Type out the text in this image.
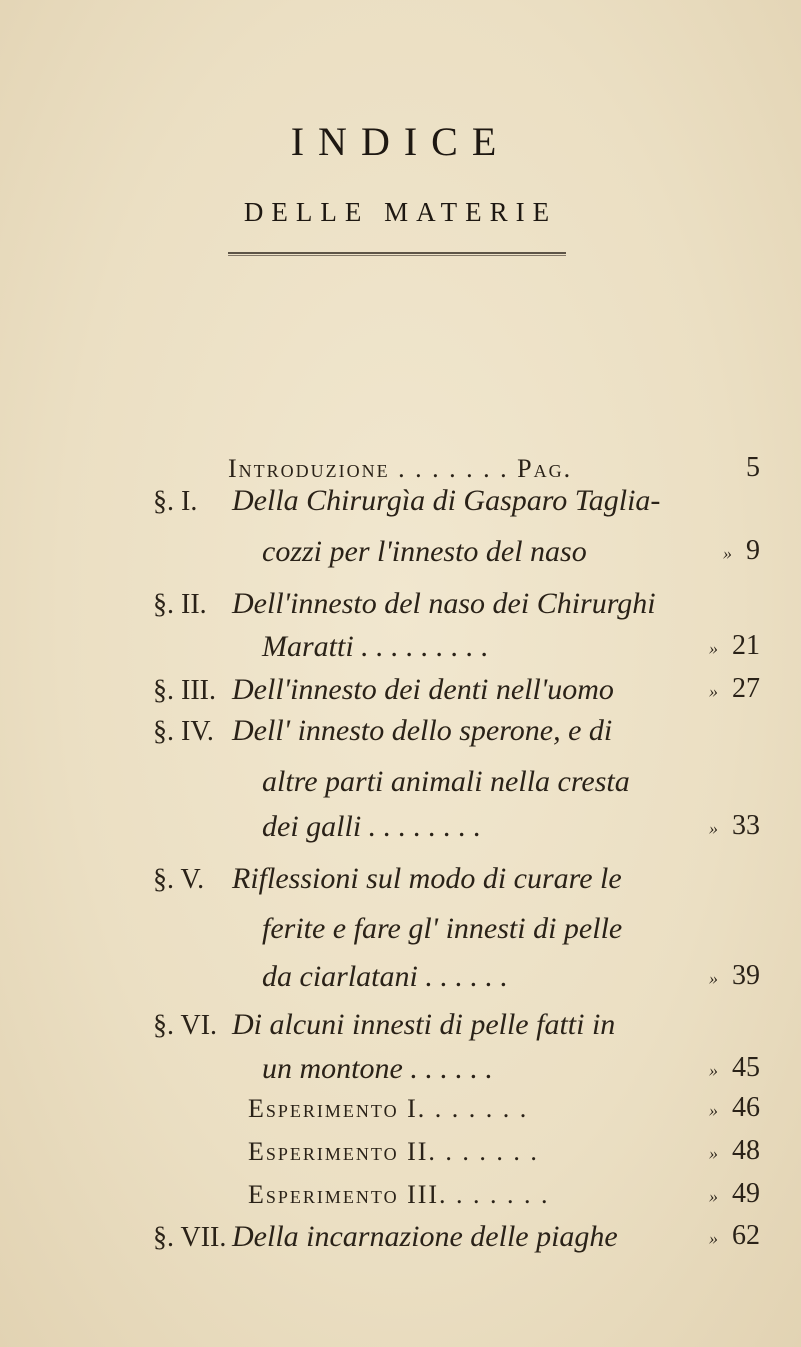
INDICE
DELLE MATERIE
Introduzione . . . . . . . Pag.	5
§. I. Della Chirurgìa di Gasparo Taglia-
cozzi per l'innesto del naso	» 9
§. II. Dell'innesto del naso dei Chirurghi
Maratti . . . . . . . . .	» 21
§. III. Dell'innesto dei denti nell'uomo	» 27
§. IV. Dell' innesto dello sperone, e di
altre parti animali nella cresta
dei galli . . . . . . . .	» 33
§. V. Riflessioni sul modo di curare le
ferite e fare gl' innesti di pelle
da ciarlatani . . . . . .	» 39
§. VI. Di alcuni innesti di pelle fatti in
un montone . . . . . .	» 45
Esperimento I. . . . . . .	» 46
Esperimento II. . . . . . .	» 48
Esperimento III. . . . . . .	» 49
§. VII. Della incarnazione delle piaghe	» 62
